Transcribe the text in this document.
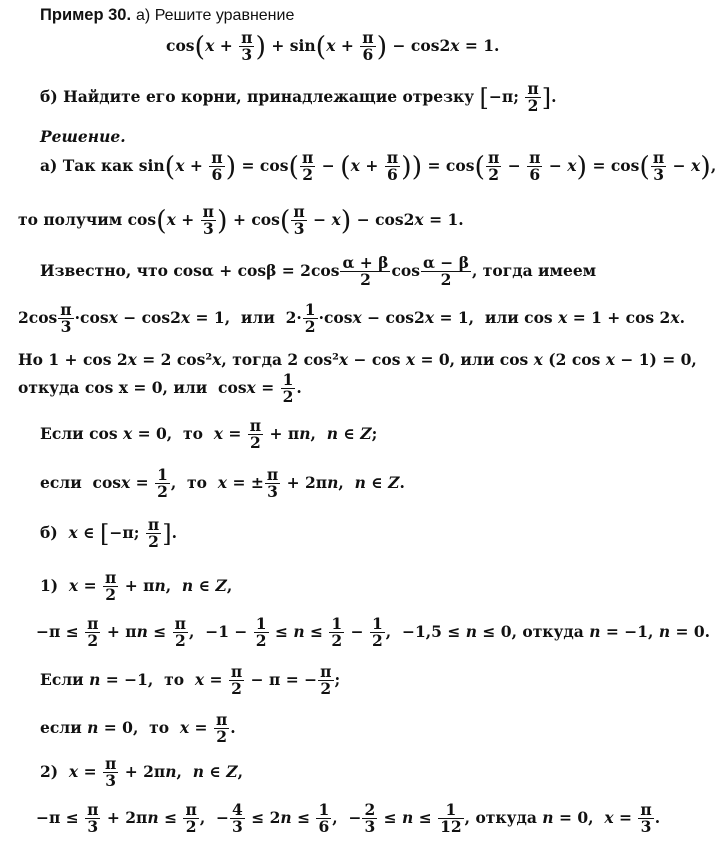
Пример 30. а) Решите уравнение
$\cos(x + \frac{\pi}{3}$ ) + $\sin(x + \frac{\pi}{6}$ ) − cos2x = 1.
б) Найдите его корни, принадлежащие отрезку [−π; $\frac{\pi}{2}$ ].
Решение.
а) Так как $\sin(x + \frac{\pi}{6}$ ) = $\cos( \frac{\pi}{2} - (x + \frac{\pi}{6}$ )) = $\cos( \frac{\pi}{2} - \frac{\pi}{6} - x) = \cos( \frac{\pi}{3} - x)$,
то получим $\cos(x + \frac{\pi}{3}$ ) + $\cos( \frac{\pi}{3} - x) - \cos 2x = 1$.
Известно, что $\cos\alpha + \cos\beta = 2\cos \frac{\alpha + \beta}{2}$ $\cos \frac{\alpha - \beta}{2}$ , тогда имеем
$2\cos \frac{\pi}{3} \cdot\cos x - \cos 2x = 1$,  или  $2\cdot \frac{1}{2} \cdot\cos x - \cos 2x = 1$,  или cos x = 1 + cos 2x.
Но 1 + cos 2x = 2 cos²x, тогда 2 cos²x − cos x = 0, или cos x (2 cos x − 1) = 0,
откуда cos x = 0, или  $\cos x = \frac{1}{2}$ .
Если cos x = 0,  то  $x = \frac{\pi}{2} + \pi n$,  n ∈ Z;
если  $\cos x = \frac{1}{2}$ ,  то  x = ± $\frac{\pi}{3} + 2\pi n$,  n ∈ Z.
б)  x ∈ [−π; $\frac{\pi}{2}$ ].
1)  $x = \frac{\pi}{2} + \pi n$,  n ∈ Z,
$-\pi \le \frac{\pi}{2} + \pi n \le \frac{\pi}{2}$ ,  $-1 - \frac{1}{2} \le n \le \frac{1}{2} - \frac{1}{2}$ ,  −1,5 ≤ n ≤ 0, откуда n = −1, n = 0.
Если n = −1,  то  $x = \frac{\pi}{2} - \pi$ = − $\frac{\pi}{2}$ ;
если n = 0,  то  $x = \frac{\pi}{2}$ .
2)  $x = \frac{\pi}{3} + 2\pi n$,  n ∈ Z,
$-\pi \le \frac{\pi}{3} + 2\pi n \le \frac{\pi}{2}$ ,  − $\frac{4}{3} \le 2n \le \frac{1}{6}$ ,  − $\frac{2}{3} \le n \le \frac{1}{12}$ , откуда n = 0,  $x = \frac{\pi}{3}$ .
